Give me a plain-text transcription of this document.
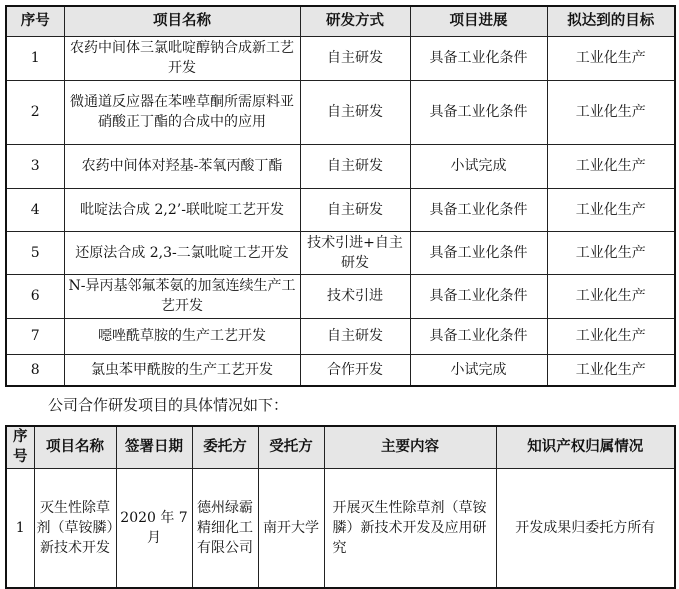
序号	项目名称	研发方式	项目进展	拟达到的目标
1	农药中间体三氯吡啶醇钠合成新工艺开发	自主研发	具备工业化条件	工业化生产
2	微通道反应器在苯唑草酮所需原料亚硝酸正丁酯的合成中的应用	自主研发	具备工业化条件	工业化生产
3	农药中间体对羟基-苯氧丙酸丁酯	自主研发	小试完成	工业化生产
4	吡啶法合成 2,2’-联吡啶工艺开发	自主研发	具备工业化条件	工业化生产
5	还原法合成 2,3-二氯吡啶工艺开发	技术引进+自主研发	具备工业化条件	工业化生产
6	N-异丙基邻氟苯氨的加氢连续生产工艺开发	技术引进	具备工业化条件	工业化生产
7	噁唑酰草胺的生产工艺开发	自主研发	具备工业化条件	工业化生产
8	氯虫苯甲酰胺的生产工艺开发	合作开发	小试完成	工业化生产
公司合作研发项目的具体情况如下：
序号	项目名称	签署日期	委托方	受托方	主要内容	知识产权归属情况
1	灭生性除草剂（草铵膦）新技术开发	2020 年 7 月	德州绿霸精细化工有限公司	南开大学	开展灭生性除草剂（草铵膦）新技术开发及应用研究	开发成果归委托方所有
